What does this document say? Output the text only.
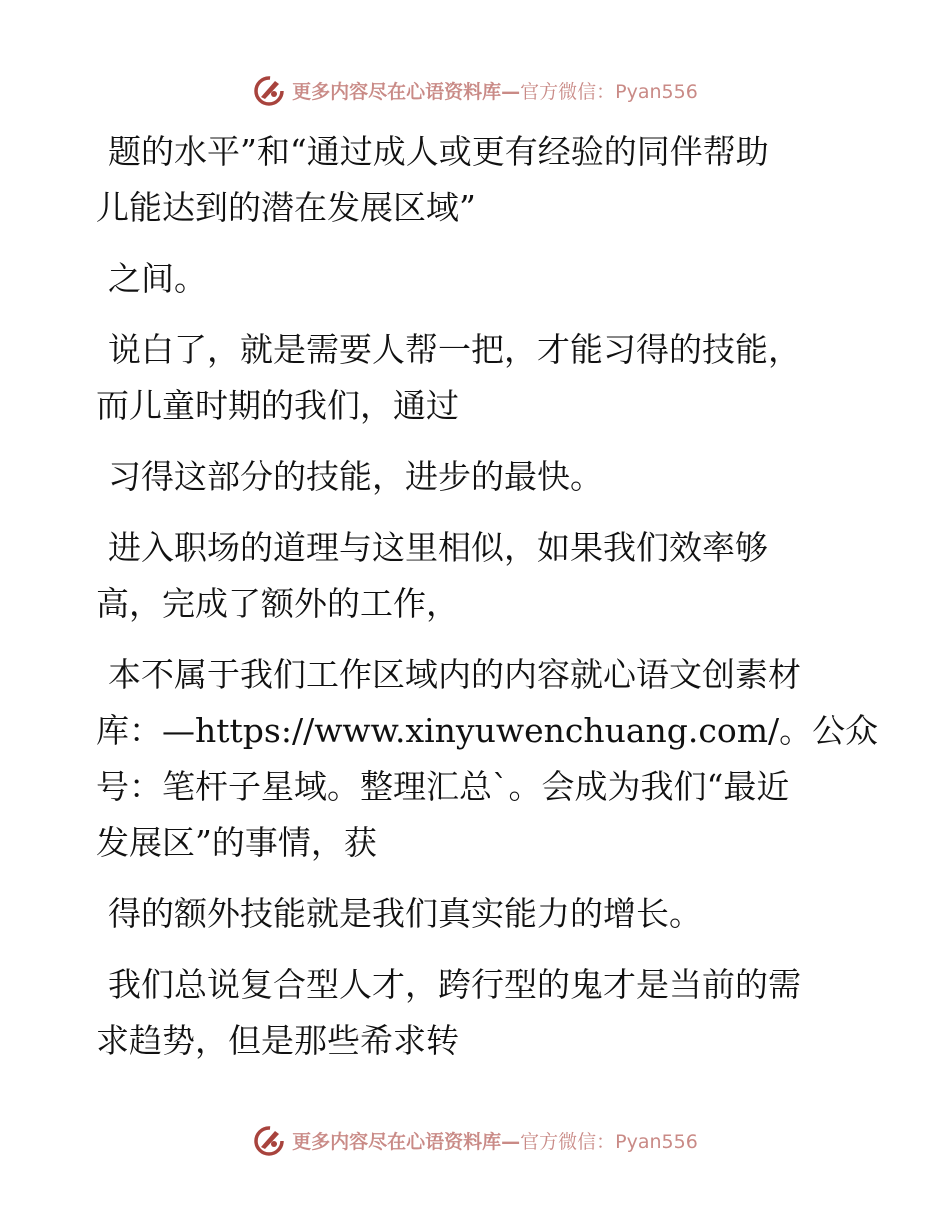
更多内容尽在心语资料库— 官方微信：Pyan556
题的水平”和“通过成人或更有经验的同伴帮助
儿能达到的潜在发展区域”
之间。
说白了，就是需要人帮一把，才能习得的技能，
而儿童时期的我们，通过
习得这部分的技能，进步的最快。
进入职场的道理与这里相似，如果我们效率够
高，完成了额外的工作，
本不属于我们工作区域内的内容就心语文创素材
库：—https://www.xinyuwenchuang.com/。公众
号：笔杆子星域。整理汇总`。会成为我们“最近
发展区”的事情，获
得的额外技能就是我们真实能力的增长。
我们总说复合型人才，跨行型的鬼才是当前的需
求趋势，但是那些希求转
更多内容尽在心语资料库— 官方微信：Pyan556
